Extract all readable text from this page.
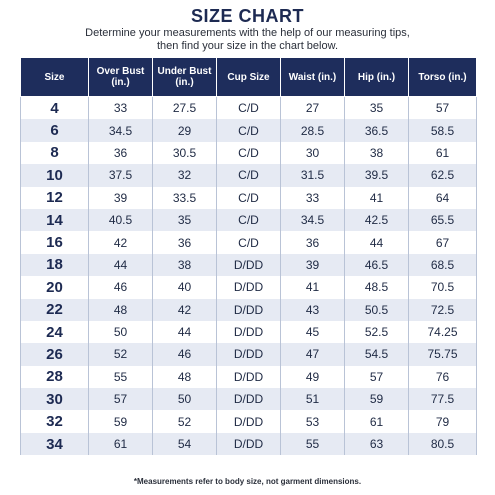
SIZE CHART
Determine your measurements with the help of our measuring tips,
then find your size in the chart below.
Size	Over Bust (in.)	Under Bust (in.)	Cup Size	Waist (in.)	Hip (in.)	Torso (in.)
4	33	27.5	C/D	27	35	57
6	34.5	29	C/D	28.5	36.5	58.5
8	36	30.5	C/D	30	38	61
10	37.5	32	C/D	31.5	39.5	62.5
12	39	33.5	C/D	33	41	64
14	40.5	35	C/D	34.5	42.5	65.5
16	42	36	C/D	36	44	67
18	44	38	D/DD	39	46.5	68.5
20	46	40	D/DD	41	48.5	70.5
22	48	42	D/DD	43	50.5	72.5
24	50	44	D/DD	45	52.5	74.25
26	52	46	D/DD	47	54.5	75.75
28	55	48	D/DD	49	57	76
30	57	50	D/DD	51	59	77.5
32	59	52	D/DD	53	61	79
34	61	54	D/DD	55	63	80.5
*Measurements refer to body size, not garment dimensions.
